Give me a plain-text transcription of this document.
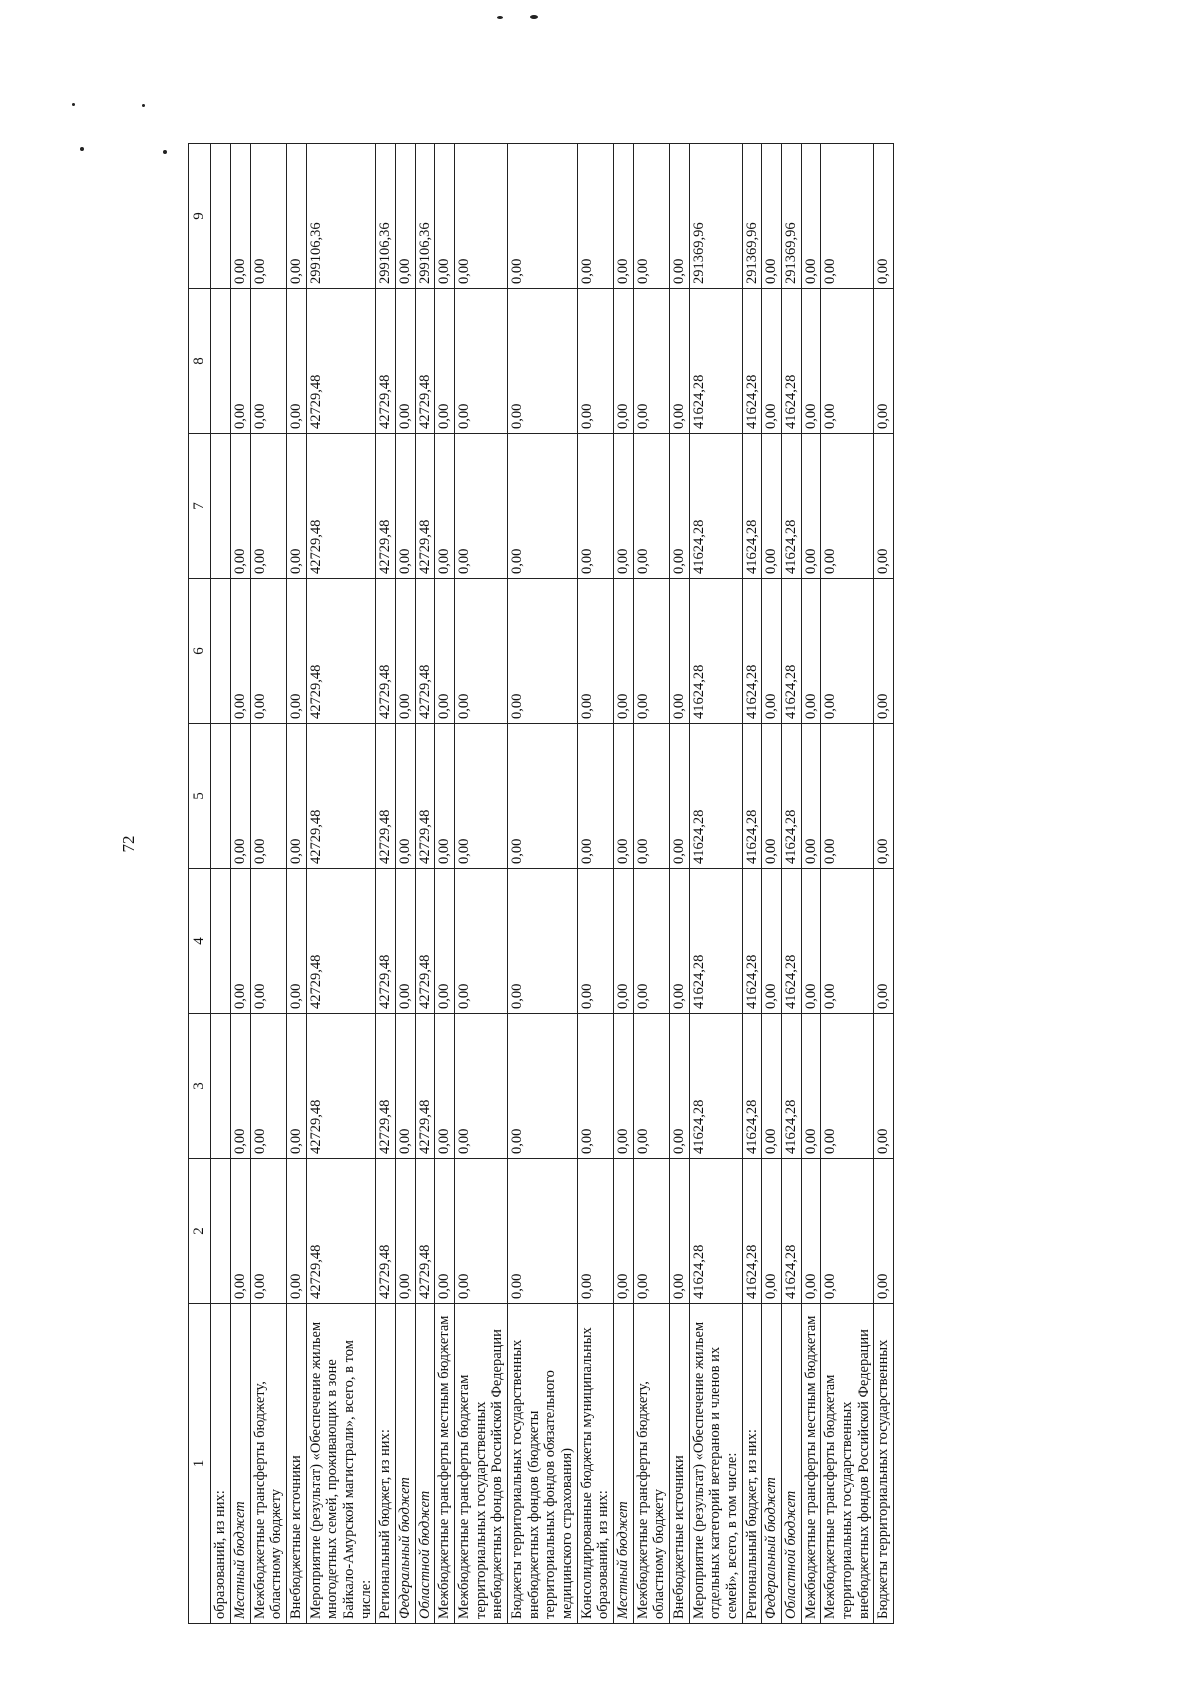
72
1	2	3	4	5	6	7	8	9
образований, из них:								
Местный бюджет	0,00	0,00	0,00	0,00	0,00	0,00	0,00	0,00
Межбюджетные трансферты бюджету, областному бюджету	0,00	0,00	0,00	0,00	0,00	0,00	0,00	0,00
Внебюджетные источники	0,00	0,00	0,00	0,00	0,00	0,00	0,00	0,00
Мероприятие (результат) «Обеспечение жильем многодетных семей, проживающих в зоне Байкало-Амурской магистрали», всего, в том числе:	42729,48	42729,48	42729,48	42729,48	42729,48	42729,48	42729,48	299106,36
Региональный бюджет, из них:	42729,48	42729,48	42729,48	42729,48	42729,48	42729,48	42729,48	299106,36
Федеральный бюджет	0,00	0,00	0,00	0,00	0,00	0,00	0,00	0,00
Областной бюджет	42729,48	42729,48	42729,48	42729,48	42729,48	42729,48	42729,48	299106,36
Межбюджетные трансферты местным бюджетам	0,00	0,00	0,00	0,00	0,00	0,00	0,00	0,00
Межбюджетные трансферты бюджетам территориальных государственных внебюджетных фондов Российской Федерации	0,00	0,00	0,00	0,00	0,00	0,00	0,00	0,00
Бюджеты территориальных государственных внебюджетных фондов (бюджеты территориальных фондов обязательного медицинского страхования)	0,00	0,00	0,00	0,00	0,00	0,00	0,00	0,00
Консолидированные бюджеты муниципальных образований, из них:	0,00	0,00	0,00	0,00	0,00	0,00	0,00	0,00
Местный бюджет	0,00	0,00	0,00	0,00	0,00	0,00	0,00	0,00
Межбюджетные трансферты бюджету, областному бюджету	0,00	0,00	0,00	0,00	0,00	0,00	0,00	0,00
Внебюджетные источники	0,00	0,00	0,00	0,00	0,00	0,00	0,00	0,00
Мероприятие (результат) «Обеспечение жильем отдельных категорий ветеранов и членов их семей», всего, в том числе:	41624,28	41624,28	41624,28	41624,28	41624,28	41624,28	41624,28	291369,96
Региональный бюджет, из них:	41624,28	41624,28	41624,28	41624,28	41624,28	41624,28	41624,28	291369,96
Федеральный бюджет	0,00	0,00	0,00	0,00	0,00	0,00	0,00	0,00
Областной бюджет	41624,28	41624,28	41624,28	41624,28	41624,28	41624,28	41624,28	291369,96
Межбюджетные трансферты местным бюджетам	0,00	0,00	0,00	0,00	0,00	0,00	0,00	0,00
Межбюджетные трансферты бюджетам территориальных государственных внебюджетных фондов Российской Федерации	0,00	0,00	0,00	0,00	0,00	0,00	0,00	0,00
Бюджеты территориальных государственных	0,00	0,00	0,00	0,00	0,00	0,00	0,00	0,00
